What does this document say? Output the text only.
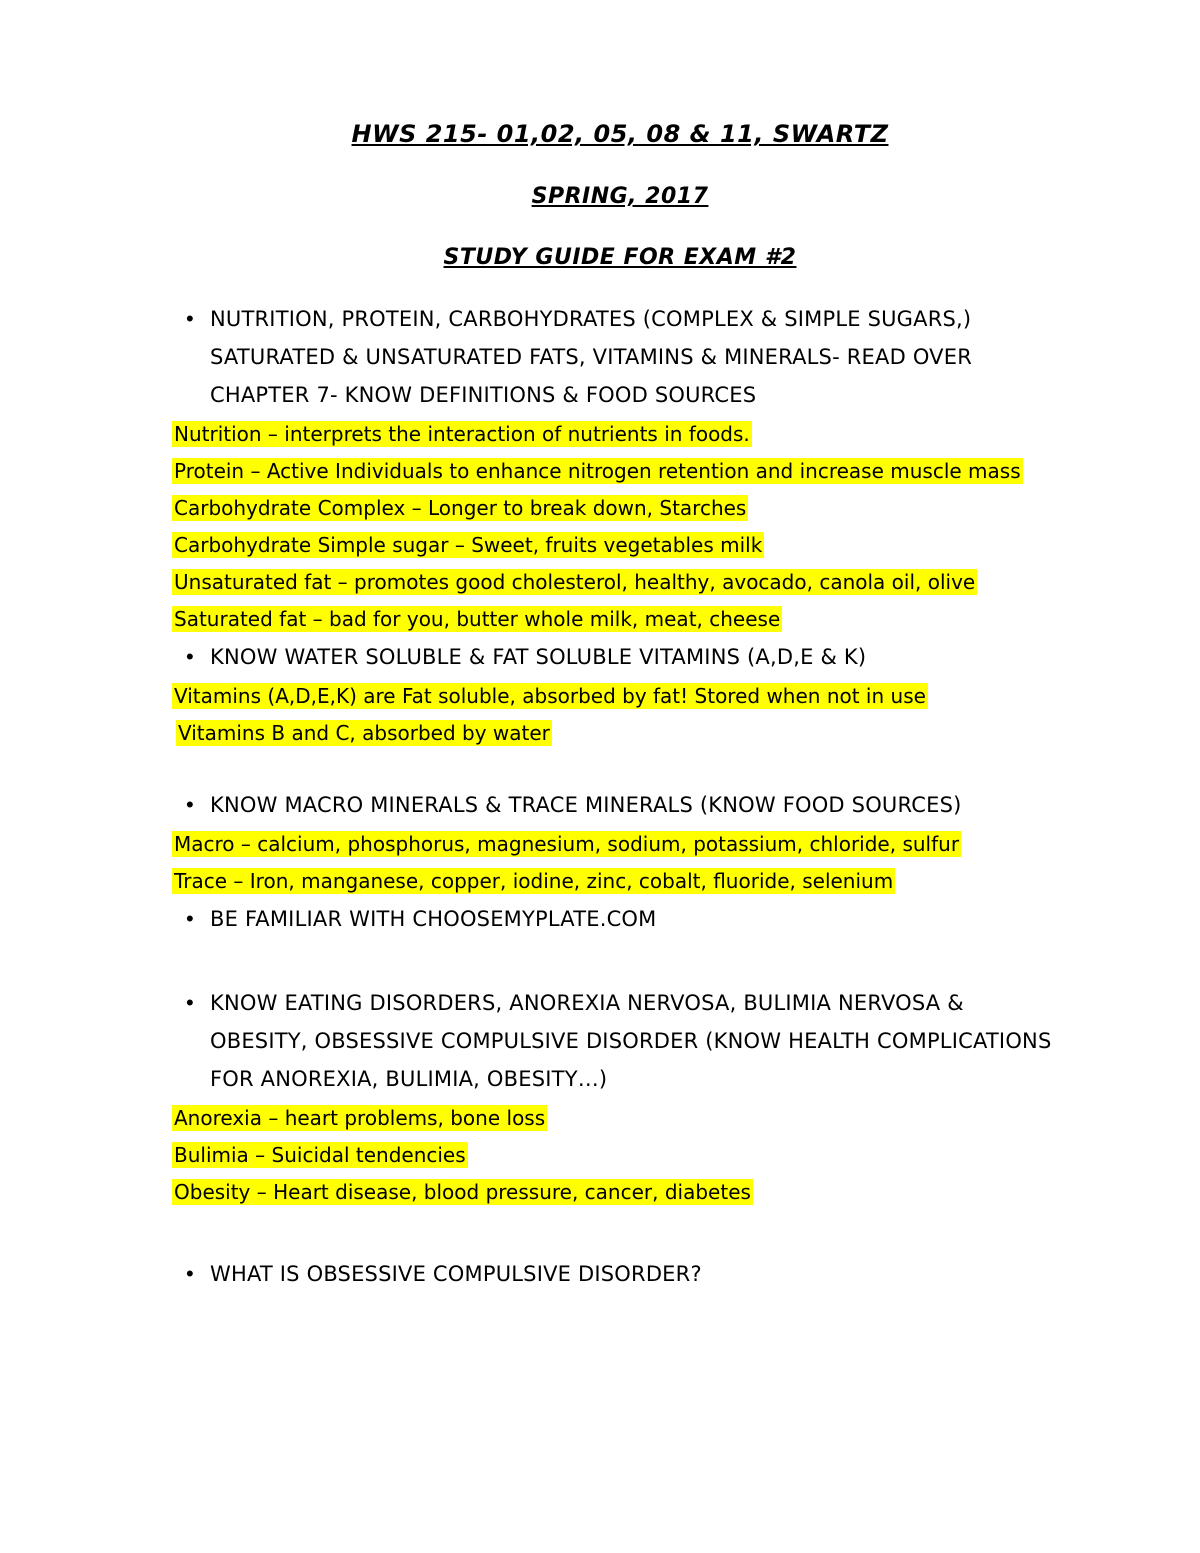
HWS 215- 01,02, 05, 08 & 11, SWARTZ
SPRING, 2017
STUDY GUIDE FOR EXAM #2
• NUTRITION, PROTEIN, CARBOHYDRATES (COMPLEX & SIMPLE SUGARS,) SATURATED & UNSATURATED FATS, VITAMINS & MINERALS- READ OVER CHAPTER 7- KNOW DEFINITIONS & FOOD SOURCES

Nutrition – interprets the interaction of nutrients in foods.

Protein – Active Individuals to enhance nitrogen retention and increase muscle mass

Carbohydrate Complex – Longer to break down, Starches

Carbohydrate Simple sugar – Sweet, fruits vegetables milk

Unsaturated fat – promotes good cholesterol, healthy, avocado, canola oil, olive

Saturated fat – bad for you, butter whole milk, meat, cheese

• KNOW WATER SOLUBLE & FAT SOLUBLE VITAMINS (A,D,E & K)

Vitamins (A,D,E,K) are Fat soluble, absorbed by fat! Stored when not in use

Vitamins B and C, absorbed by water

• KNOW MACRO MINERALS & TRACE MINERALS (KNOW FOOD SOURCES)

Macro – calcium, phosphorus, magnesium, sodium, potassium, chloride, sulfur

Trace – Iron, manganese, copper, iodine, zinc, cobalt, fluoride, selenium

• BE FAMILIAR WITH CHOOSEMYPLATE.COM
• KNOW EATING DISORDERS, ANOREXIA NERVOSA, BULIMIA NERVOSA & OBESITY, OBSESSIVE COMPULSIVE DISORDER (KNOW HEALTH COMPLICATIONS FOR ANOREXIA, BULIMIA, OBESITY…)

Anorexia – heart problems, bone loss

Bulimia – Suicidal tendencies

Obesity – Heart disease, blood pressure, cancer, diabetes

• WHAT IS OBSESSIVE COMPULSIVE DISORDER?
